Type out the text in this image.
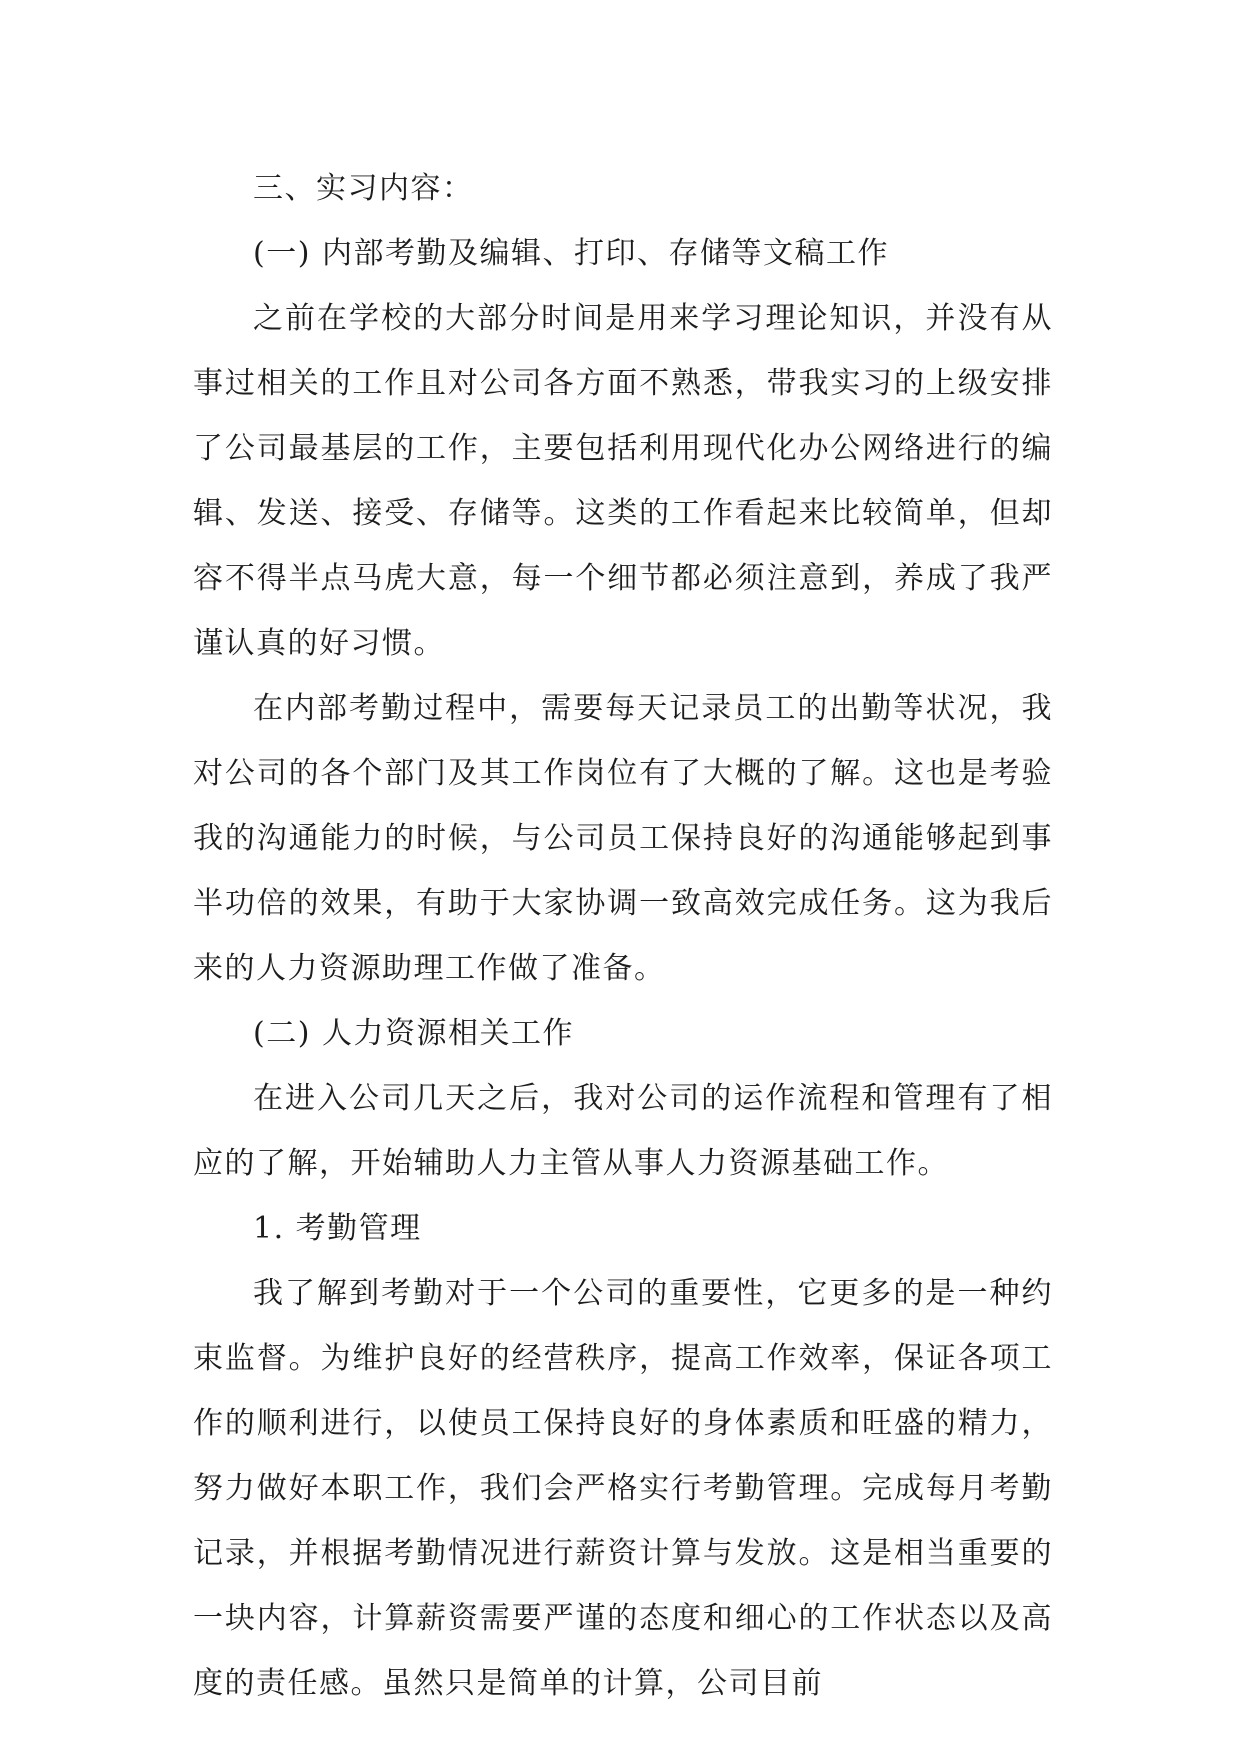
三、实习内容：

(一) 内部考勤及编辑、打印、存储等文稿工作

之前在学校的大部分时间是用来学习理论知识，并没有从事过相关的工作且对公司各方面不熟悉，带我实习的上级安排了公司最基层的工作，主要包括利用现代化办公网络进行的编辑、发送、接受、存储等。这类的工作看起来比较简单，但却容不得半点马虎大意，每一个细节都必须注意到，养成了我严谨认真的好习惯。

在内部考勤过程中，需要每天记录员工的出勤等状况，我对公司的各个部门及其工作岗位有了大概的了解。这也是考验我的沟通能力的时候，与公司员工保持良好的沟通能够起到事半功倍的效果，有助于大家协调一致高效完成任务。这为我后来的人力资源助理工作做了准备。

(二) 人力资源相关工作

在进入公司几天之后，我对公司的运作流程和管理有了相应的了解，开始辅助人力主管从事人力资源基础工作。

1. 考勤管理

我了解到考勤对于一个公司的重要性，它更多的是一种约束监督。为维护良好的经营秩序，提高工作效率，保证各项工作的顺利进行，以使员工保持良好的身体素质和旺盛的精力，努力做好本职工作，我们会严格实行考勤管理。完成每月考勤记录，并根据考勤情况进行薪资计算与发放。这是相当重要的一块内容，计算薪资需要严谨的态度和细心的工作状态以及高度的责任感。虽然只是简单的计算，公司目前
